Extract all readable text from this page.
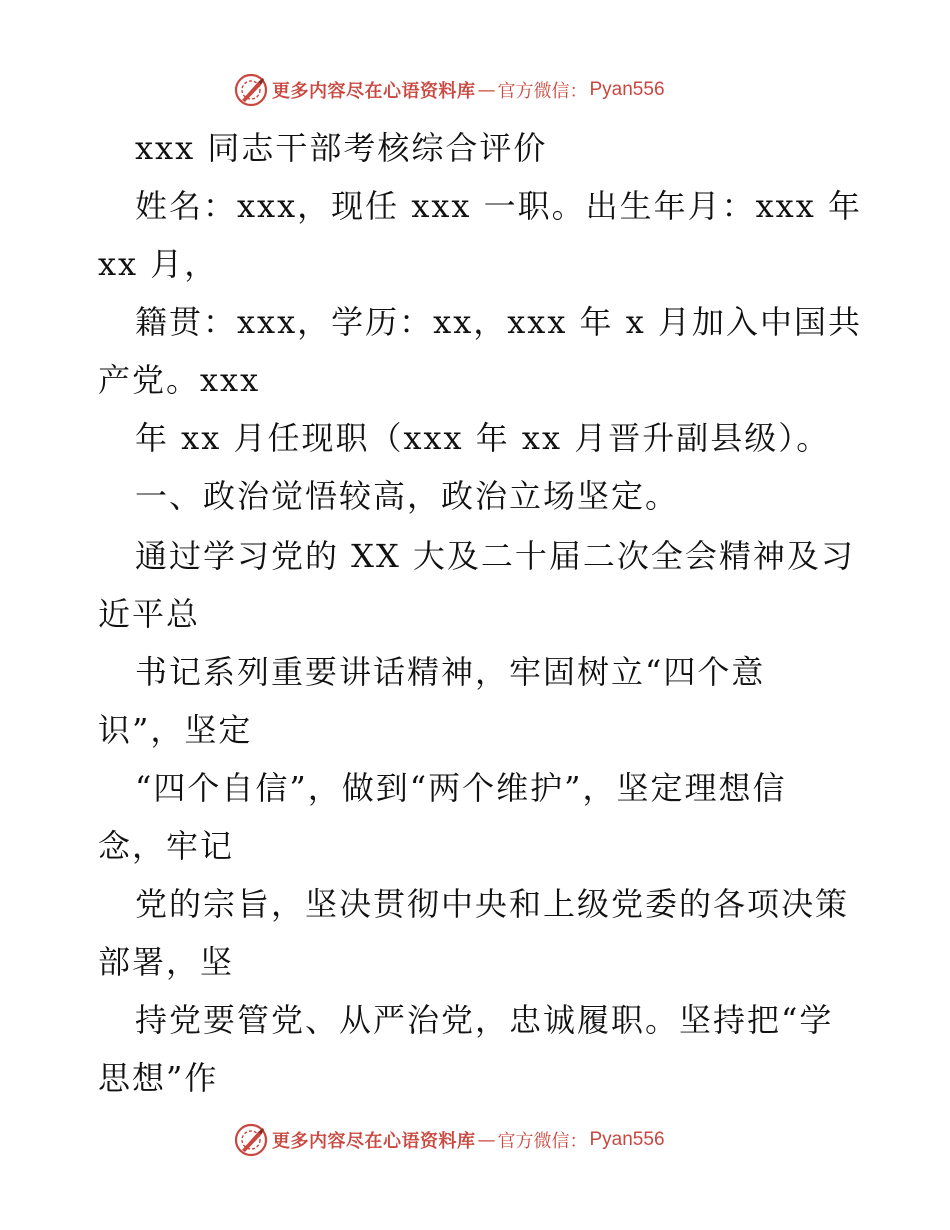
更多内容尽在心语资料库 — 官方微信： Pyan556
xxx 同志干部考核综合评价
姓名：xxx，现任 xxx 一职。出生年月：xxx 年
xx 月，
籍贯：xxx，学历：xx，xxx 年 x 月加入中国共
产党。xxx
年 xx 月任现职（xxx 年 xx 月晋升副县级）。
一、政治觉悟较高，政治立场坚定。
通过学习党的 XX 大及二十届二次全会精神及习
近平总
书记系列重要讲话精神，牢固树立“四个意
识”，坚定
“四个自信”，做到“两个维护”，坚定理想信
念，牢记
党的宗旨，坚决贯彻中央和上级党委的各项决策
部署，坚
持党要管党、从严治党，忠诚履职。坚持把“学
思想”作
更多内容尽在心语资料库 — 官方微信： Pyan556
